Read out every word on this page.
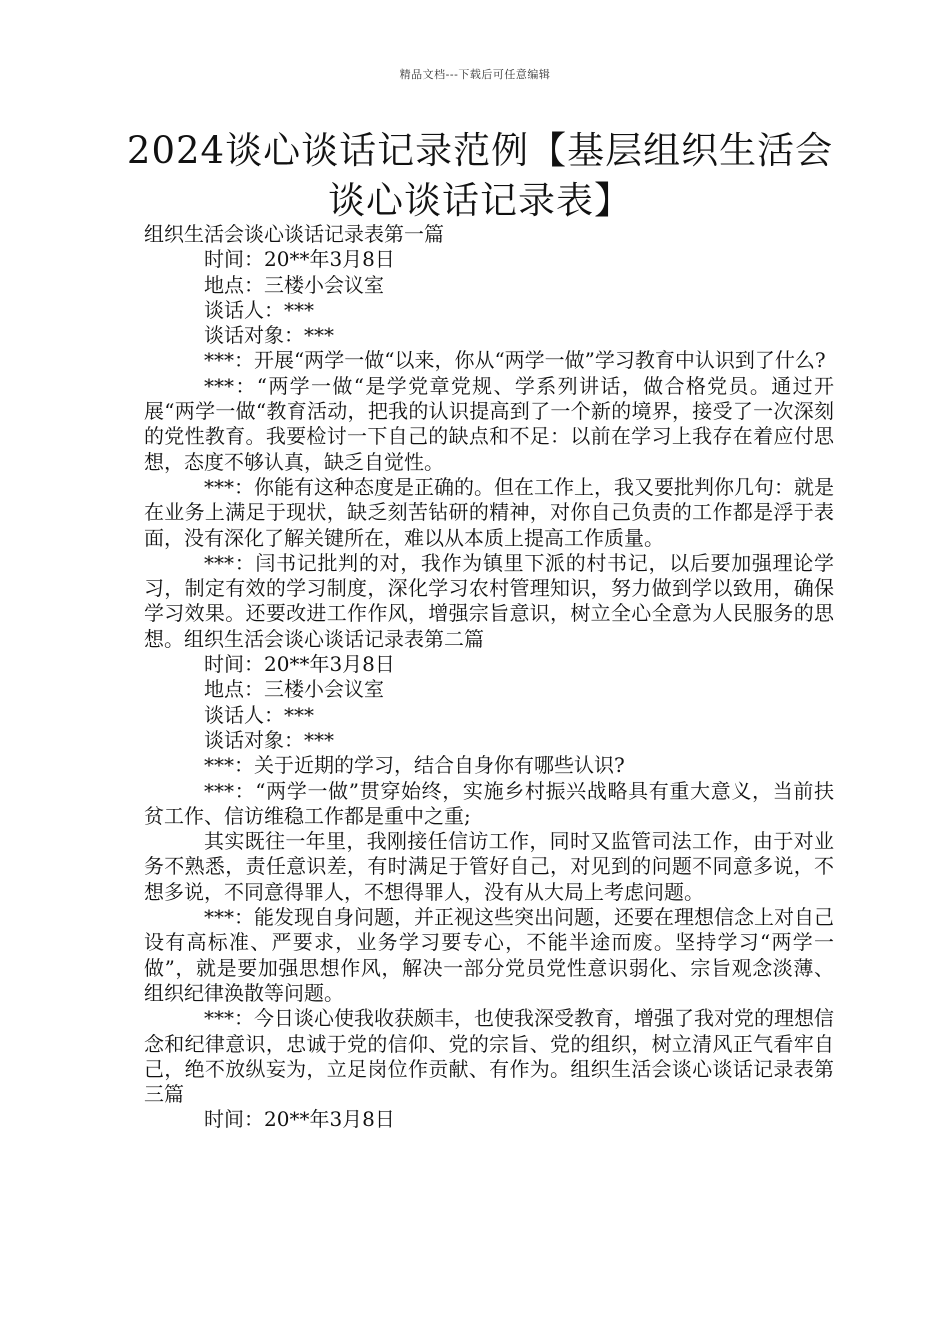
精品文档---下载后可任意编辑
2024谈心谈话记录范例【基层组织生活会谈心谈话记录表】

组织生活会谈心谈话记录表第一篇

时间：20**年3月8日

地点：三楼小会议室

谈话人：***

谈话对象：***

***：开展“两学一做“以来，你从“两学一做”学习教育中认识到了什么?

***：“两学一做“是学党章党规、学系列讲话，做合格党员。通过开展“两学一做“教育活动，把我的认识提高到了一个新的境界，接受了一次深刻的党性教育。我要检讨一下自己的缺点和不足：以前在学习上我存在着应付思想，态度不够认真，缺乏自觉性。

***：你能有这种态度是正确的。但在工作上，我又要批判你几句：就是在业务上满足于现状，缺乏刻苦钻研的精神，对你自己负责的工作都是浮于表面，没有深化了解关键所在，难以从本质上提高工作质量。

***：闫书记批判的对，我作为镇里下派的村书记，以后要加强理论学习，制定有效的学习制度，深化学习农村管理知识，努力做到学以致用，确保学习效果。还要改进工作作风，增强宗旨意识，树立全心全意为人民服务的思想。组织生活会谈心谈话记录表第二篇

时间：20**年3月8日

地点：三楼小会议室

谈话人：***

谈话对象：***

***：关于近期的学习，结合自身你有哪些认识?

***：“两学一做”贯穿始终，实施乡村振兴战略具有重大意义，当前扶贫工作、信访维稳工作都是重中之重;

其实既往一年里，我刚接任信访工作，同时又监管司法工作，由于对业务不熟悉，责任意识差，有时满足于管好自己，对见到的问题不同意多说，不想多说，不同意得罪人，不想得罪人，没有从大局上考虑问题。

***：能发现自身问题，并正视这些突出问题，还要在理想信念上对自己设有高标准、严要求，业务学习要专心，不能半途而废。坚持学习“两学一做”，就是要加强思想作风，解决一部分党员党性意识弱化、宗旨观念淡薄、组织纪律涣散等问题。

***：今日谈心使我收获颇丰，也使我深受教育，增强了我对党的理想信念和纪律意识，忠诚于党的信仰、党的宗旨、党的组织，树立清风正气看牢自己，绝不放纵妄为，立足岗位作贡献、有作为。组织生活会谈心谈话记录表第三篇

时间：20**年3月8日
